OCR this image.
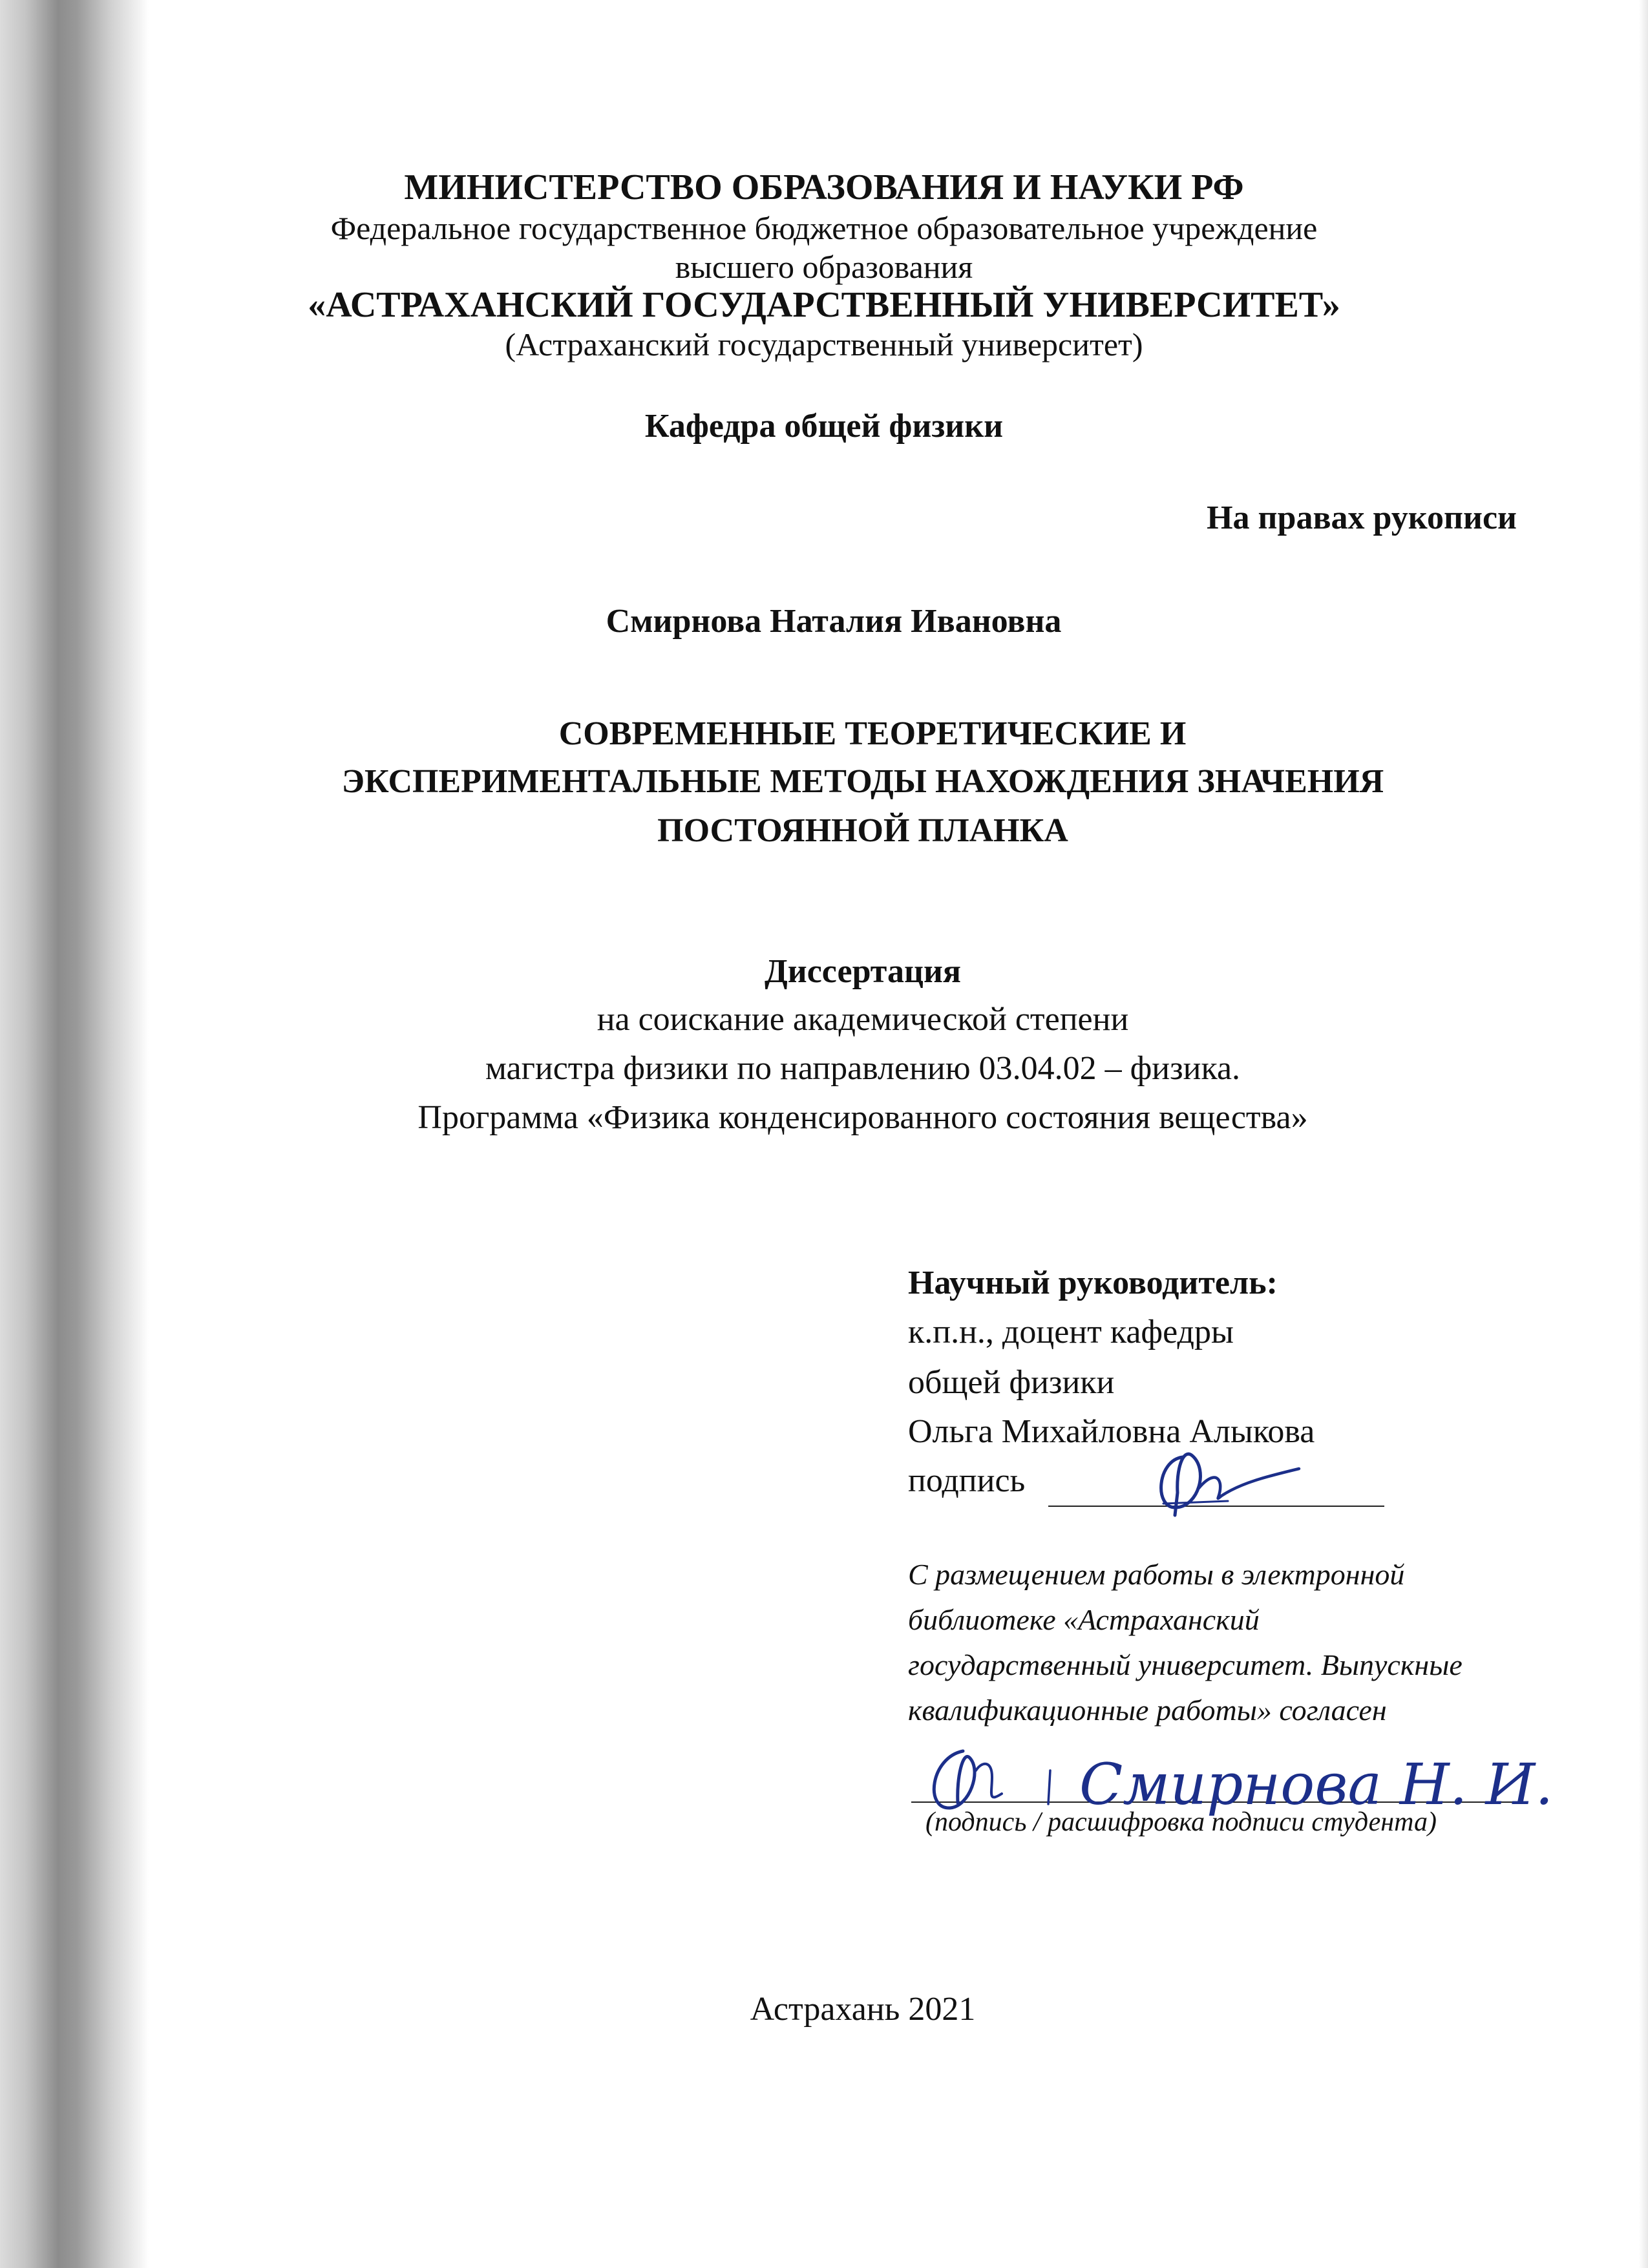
МИНИСТЕРСТВО ОБРАЗОВАНИЯ И НАУКИ РФ
Федеральное государственное бюджетное образовательное учреждение
высшего образования
«АСТРАХАНСКИЙ ГОСУДАРСТВЕННЫЙ УНИВЕРСИТЕТ»
(Астраханский государственный университет)
Кафедра общей физики
На правах рукописи
Смирнова Наталия Ивановна
СОВРЕМЕННЫЕ ТЕОРЕТИЧЕСКИЕ И
ЭКСПЕРИМЕНТАЛЬНЫЕ МЕТОДЫ НАХОЖДЕНИЯ ЗНАЧЕНИЯ
ПОСТОЯННОЙ ПЛАНКА
Диссертация
на соискание академической степени
магистра физики по направлению 03.04.02 – физика.
Программа «Физика конденсированного состояния вещества»
Научный руководитель:
к.п.н., доцент кафедры
общей физики
Ольга Михайловна Алыкова
подпись
С размещением работы в электронной
библиотеке «Астраханский
государственный университет. Выпускные
квалификационные работы» согласен
Смирнова Н. И.
(подпись / расшифровка подписи студента)
Астрахань 2021
